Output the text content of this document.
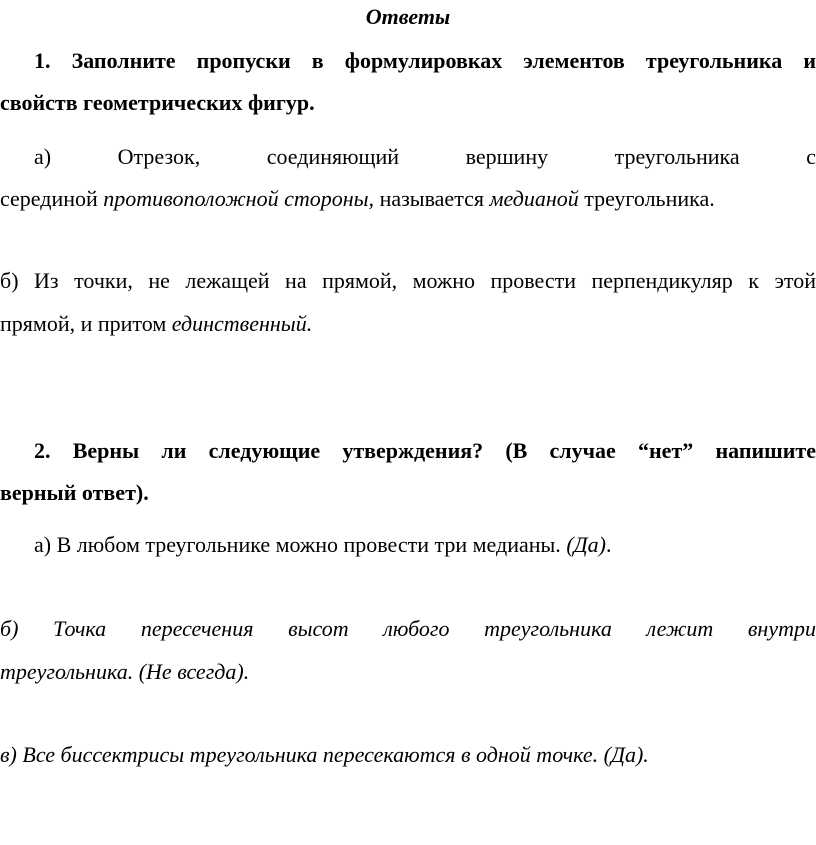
Ответы
1. Заполните пропуски в формулировках элементов треугольника и
свойств геометрических фигур.
а)	Отрезок,	соединяющий	вершину	треугольника	с
серединой противоположной стороны, называется медианой треугольника.
б) Из точки, не лежащей на прямой, можно провести перпендикуляр к этой
прямой, и притом единственный.
2. Верны ли следующие утверждения? (В случае “нет” напишите
верный ответ).
а) В любом треугольнике можно провести три медианы. (Да).
б) Точка пересечения высот любого треугольника лежит внутри
треугольника. (Не всегда).
в) Все биссектрисы треугольника пересекаются в одной точке. (Да).
